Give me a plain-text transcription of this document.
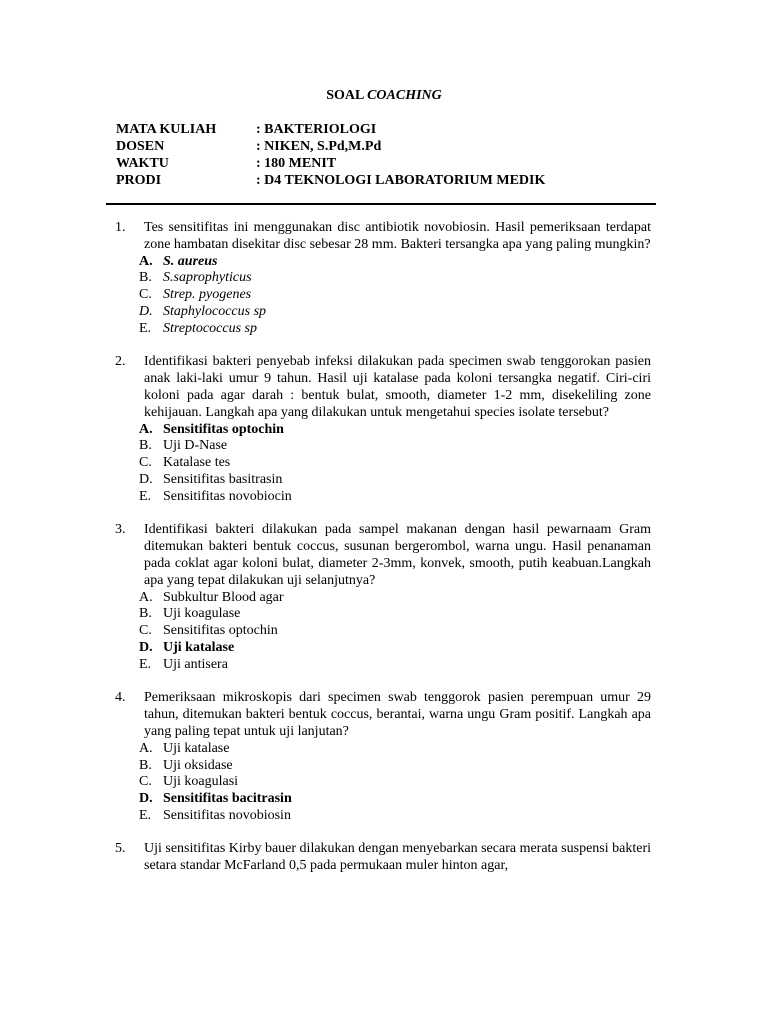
SOAL COACHING
MATA KULIAH	: BAKTERIOLOGI
DOSEN	: NIKEN, S.Pd,M.Pd
WAKTU	: 180 MENIT
PRODI	: D4 TEKNOLOGI LABORATORIUM MEDIK
1. Tes sensitifitas ini menggunakan disc antibiotik novobiosin. Hasil pemeriksaan terdapat zone hambatan disekitar disc sebesar 28 mm. Bakteri tersangka apa yang paling mungkin?
A. S. aureus
B. S.saprophyticus
C. Strep. pyogenes
D. Staphylococcus sp
E. Streptococcus sp
2. Identifikasi bakteri penyebab infeksi dilakukan pada specimen swab tenggorokan pasien anak laki-laki umur 9 tahun. Hasil uji katalase pada koloni tersangka negatif. Ciri-ciri koloni pada agar darah : bentuk bulat, smooth, diameter 1-2 mm, disekeliling zone kehijauan. Langkah apa yang dilakukan untuk mengetahui species isolate tersebut?
A. Sensitifitas optochin
B. Uji D-Nase
C. Katalase tes
D. Sensitifitas basitrasin
E. Sensitifitas novobiocin
3. Identifikasi bakteri dilakukan pada sampel makanan dengan hasil pewarnaam Gram ditemukan bakteri bentuk coccus, susunan bergerombol, warna ungu. Hasil penanaman pada coklat agar koloni bulat, diameter 2-3mm, konvek, smooth, putih keabuan.Langkah apa yang tepat dilakukan uji selanjutnya?
A. Subkultur Blood agar
B. Uji koagulase
C. Sensitifitas optochin
D. Uji katalase
E. Uji antisera
4. Pemeriksaan mikroskopis dari specimen swab tenggorok pasien perempuan umur 29 tahun, ditemukan bakteri bentuk coccus, berantai, warna ungu Gram positif. Langkah apa yang paling tepat untuk uji lanjutan?
A. Uji katalase
B. Uji oksidase
C. Uji koagulasi
D. Sensitifitas bacitrasin
E. Sensitifitas novobiosin
5. Uji sensitifitas Kirby bauer dilakukan dengan menyebarkan secara merata suspensi bakteri setara standar McFarland 0,5 pada permukaan muler hinton agar,
